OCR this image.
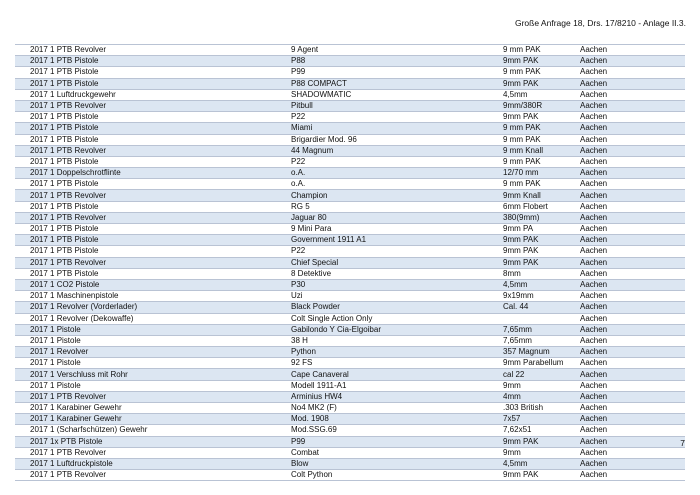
Große Anfrage 18, Drs. 17/8210 - Anlage II.3.
2017 1 PTB Revolver	9 Agent	9 mm PAK	Aachen
2017 1 PTB Pistole	P88	9mm PAK	Aachen
2017 1 PTB Pistole	P99	9 mm PAK	Aachen
2017 1 PTB Pistole	P88 COMPACT	9mm PAK	Aachen
2017 1 Luftdruckgewehr	SHADOWMATIC	4,5mm	Aachen
2017 1 PTB Revolver	Pitbull	9mm/380R	Aachen
2017 1 PTB Pistole	P22	9mm PAK	Aachen
2017 1 PTB Pistole	Miami	9 mm PAK	Aachen
2017 1 PTB Pistole	Brigardier Mod. 96	9 mm PAK	Aachen
2017 1 PTB Revolver	44 Magnum	9 mm Knall	Aachen
2017 1 PTB Pistole	P22	9 mm PAK	Aachen
2017 1 Doppelschrotflinte	o.A.	12/70 mm	Aachen
2017 1 PTB Pistole	o.A.	9 mm PAK	Aachen
2017 1 PTB Revolver	Champion	9mm Knall	Aachen
2017 1 PTB Pistole	RG 5	6mm Flobert	Aachen
2017 1 PTB Revolver	Jaguar 80	380(9mm)	Aachen
2017 1 PTB Pistole	9 Mini Para	9mm PA	Aachen
2017 1 PTB Pistole	Government 1911 A1	9mm PAK	Aachen
2017 1 PTB Pistole	P22	9mm PAK	Aachen
2017 1 PTB Revolver	Chief Special	9mm PAK	Aachen
2017 1 PTB Pistole	8 Detektive	8mm	Aachen
2017 1 CO2 Pistole	P30	4,5mm	Aachen
2017 1 Maschinenpistole	Uzi	9x19mm	Aachen
2017 1 Revolver (Vorderlader)	Black Powder	Cal. 44	Aachen
2017 1 Revolver (Dekowaffe)	Colt Single Action Only		Aachen
2017 1 Pistole	Gabilondo Y Cia-Elgoibar	7,65mm	Aachen
2017 1 Pistole	38 H	7,65mm	Aachen
2017 1 Revolver	Python	357 Magnum	Aachen
2017 1 Pistole	92 FS	9mm Parabellum	Aachen
2017 1 Verschluss mit Rohr	Cape Canaveral	cal 22	Aachen
2017 1 Pistole	Modell 1911-A1	9mm	Aachen
2017 1 PTB Revolver	Arminius HW4	4mm	Aachen
2017 1 Karabiner Gewehr	No4 MK2 (F)	.303 British	Aachen
2017 1 Karabiner Gewehr	Mod. 1908	7x57	Aachen
2017 1 (Scharfschützen) Gewehr	Mod.SSG.69	7,62x51	Aachen
2017 1x PTB Pistole	P99	9mm PAK	Aachen
2017 1 PTB Revolver	Combat	9mm	Aachen
2017 1 Luftdruckpistole	Blow	4,5mm	Aachen
2017 1 PTB Revolver	Colt Python	9mm PAK	Aachen
7
